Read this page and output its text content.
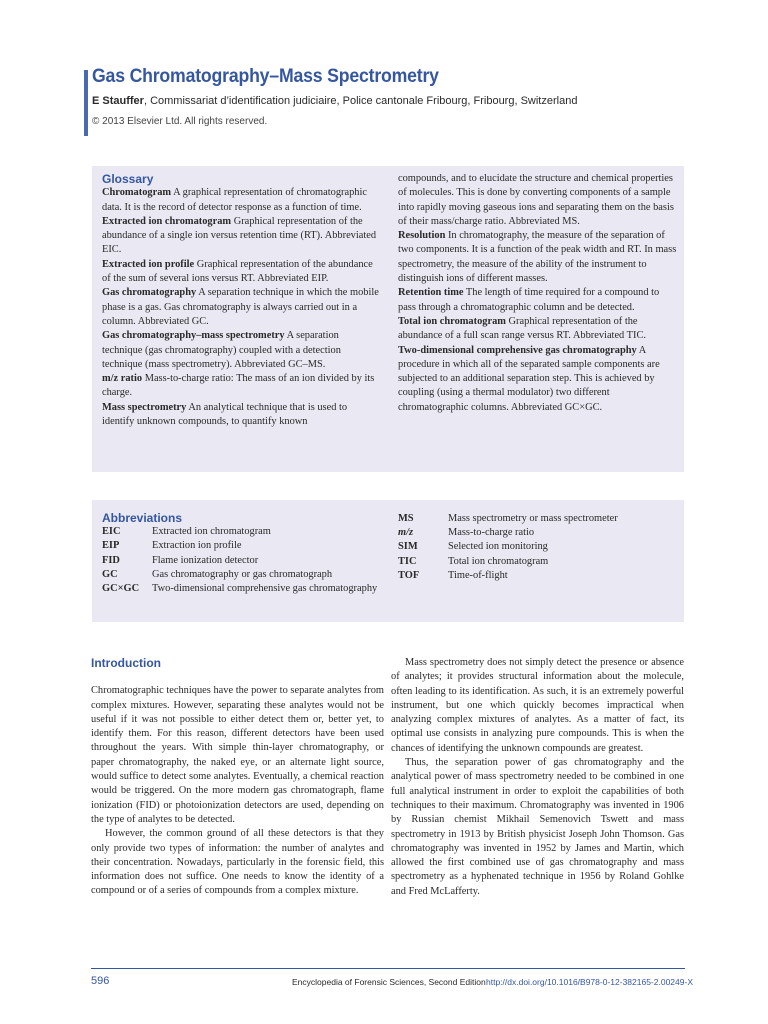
Gas Chromatography–Mass Spectrometry
E Stauffer, Commissariat d’identification judiciaire, Police cantonale Fribourg, Fribourg, Switzerland
© 2013 Elsevier Ltd. All rights reserved.
Glossary

Chromatogram A graphical representation of chromatographic data. It is the record of detector response as a function of time.

Extracted ion chromatogram Graphical representation of the abundance of a single ion versus retention time (RT). Abbreviated EIC.

Extracted ion profile Graphical representation of the abundance of the sum of several ions versus RT. Abbreviated EIP.

Gas chromatography A separation technique in which the mobile phase is a gas. Gas chromatography is always carried out in a column. Abbreviated GC.

Gas chromatography–mass spectrometry A separation technique (gas chromatography) coupled with a detection technique (mass spectrometry). Abbreviated GC–MS.

m/z ratio Mass-to-charge ratio: The mass of an ion divided by its charge.

Mass spectrometry An analytical technique that is used to identify unknown compounds, to quantify known

compounds, and to elucidate the structure and chemical properties of molecules. This is done by converting components of a sample into rapidly moving gaseous ions and separating them on the basis of their mass/charge ratio. Abbreviated MS.

Resolution In chromatography, the measure of the separation of two components. It is a function of the peak width and RT. In mass spectrometry, the measure of the ability of the instrument to distinguish ions of different masses.

Retention time The length of time required for a compound to pass through a chromatographic column and be detected.

Total ion chromatogram Graphical representation of the abundance of a full scan range versus RT. Abbreviated TIC.

Two-dimensional comprehensive gas chromatography A procedure in which all of the separated sample components are subjected to an additional separation step. This is achieved by coupling (using a thermal modulator) two different chromatographic columns. Abbreviated GC×GC.

Abbreviations
EIC	Extracted ion chromatogram
EIP	Extraction ion profile
FID	Flame ionization detector
GC	Gas chromatography or gas chromatograph
GC×GC	Two-dimensional comprehensive gas chromatography
MS	Mass spectrometry or mass spectrometer
m/z	Mass-to-charge ratio
SIM	Selected ion monitoring
TIC	Total ion chromatogram
TOF	Time-of-flight
Introduction

Chromatographic techniques have the power to separate analytes from complex mixtures. However, separating these analytes would not be useful if it was not possible to either detect them or, better yet, to identify them. For this reason, different detectors have been used throughout the years. With simple thin-layer chromatography, or paper chromatography, the naked eye, or an alternate light source, would suffice to detect some analytes. Eventually, a chemical reaction would be triggered. On the more modern gas chromatograph, flame ionization (FID) or photoionization detectors are used, depending on the type of analytes to be detected.

However, the common ground of all these detectors is that they only provide two types of information: the number of analytes and their concentration. Nowadays, particularly in the forensic field, this information does not suffice. One needs to know the identity of a compound or of a series of compounds from a complex mixture.

Mass spectrometry does not simply detect the presence or absence of analytes; it provides structural information about the molecule, often leading to its identification. As such, it is an extremely powerful instrument, but one which quickly becomes impractical when analyzing complex mixtures of analytes. As a matter of fact, its optimal use consists in analyzing pure compounds. This is when the chances of identifying the unknown compounds are greatest.

Thus, the separation power of gas chromatography and the analytical power of mass spectrometry needed to be combined in one full analytical instrument in order to exploit the capabilities of both techniques to their maximum. Chromatography was invented in 1906 by Russian chemist Mikhail Semenovich Tswett and mass spectrometry in 1913 by British physicist Joseph John Thomson. Gas chromatography was invented in 1952 by James and Martin, which allowed the first combined use of gas chromatography and mass spectrometry as a hyphenated technique in 1956 by Roland Gohlke and Fred McLafferty.

596	Encyclopedia of Forensic Sciences, Second Edition http://dx.doi.org/10.1016/B978-0-12-382165-2.00249-X
